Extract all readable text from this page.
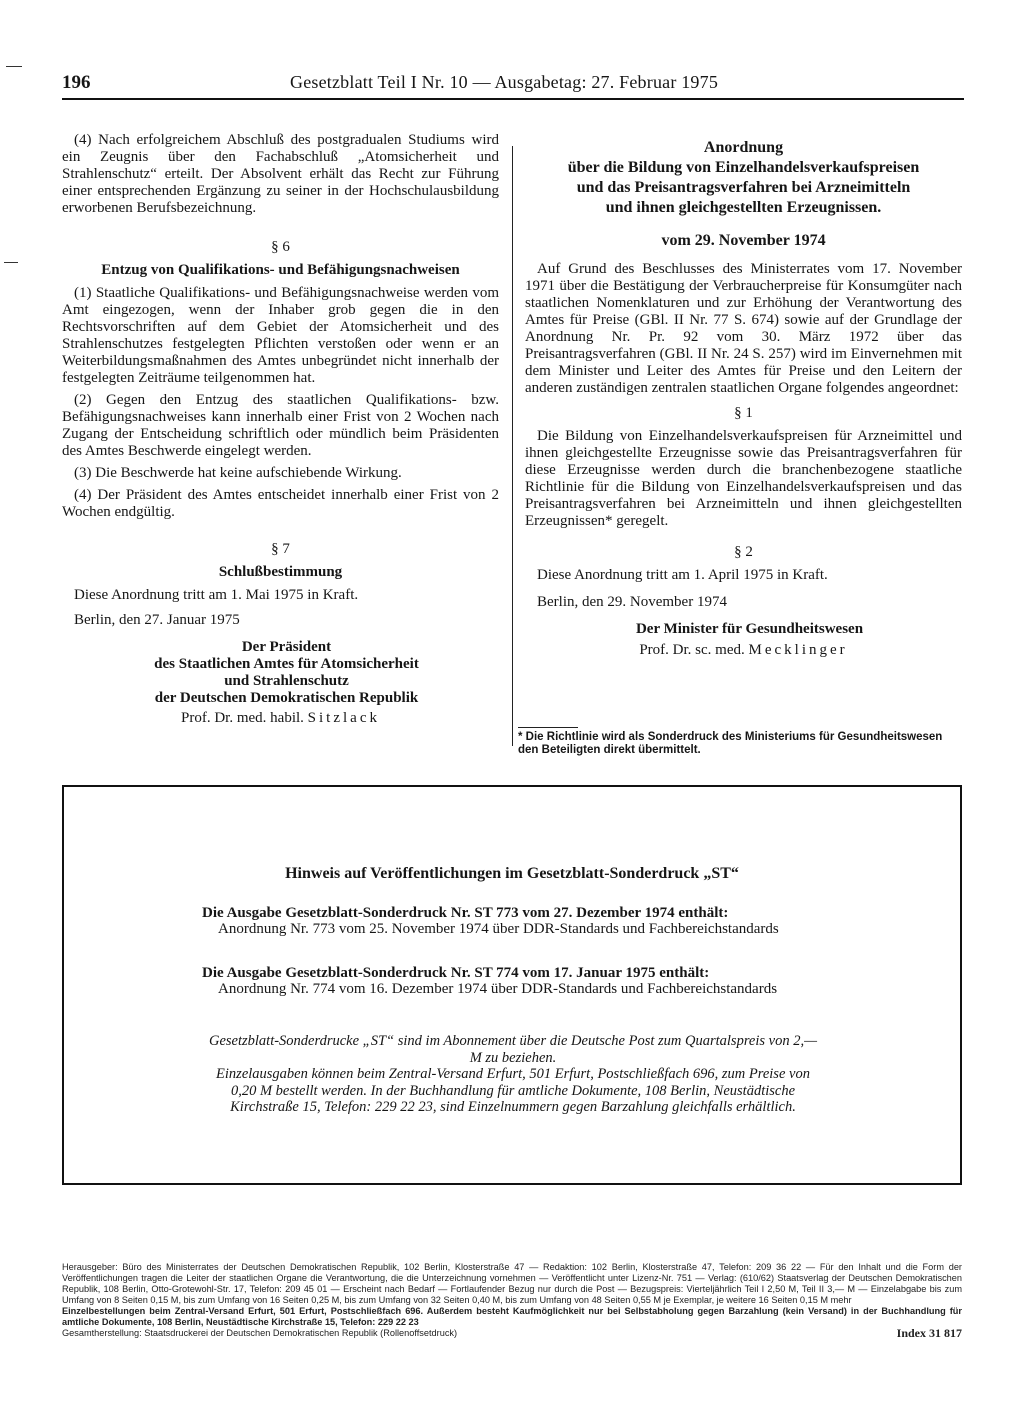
196	Gesetzblatt Teil I Nr. 10 — Ausgabetag: 27. Februar 1975

(4) Nach erfolgreichem Abschluß des postgradualen Studiums wird ein Zeugnis über den Fachabschluß „Atomsicherheit und Strahlenschutz“ erteilt. Der Absolvent erhält das Recht zur Führung einer entsprechenden Ergänzung zu seiner in der Hochschulausbildung erworbenen Berufsbezeichnung.

§ 6

Entzug von Qualifikations- und Befähigungsnachweisen

(1) Staatliche Qualifikations- und Befähigungsnachweise werden vom Amt eingezogen, wenn der Inhaber grob gegen die in den Rechtsvorschriften auf dem Gebiet der Atomsicherheit und des Strahlenschutzes festgelegten Pflichten verstoßen oder wenn er an Weiterbildungsmaßnahmen des Amtes unbegründet nicht innerhalb der festgelegten Zeiträume teilgenommen hat.

(2) Gegen den Entzug des staatlichen Qualifikations- bzw. Befähigungsnachweises kann innerhalb einer Frist von 2 Wochen nach Zugang der Entscheidung schriftlich oder mündlich beim Präsidenten des Amtes Beschwerde eingelegt werden.

(3) Die Beschwerde hat keine aufschiebende Wirkung.

(4) Der Präsident des Amtes entscheidet innerhalb einer Frist von 2 Wochen endgültig.

§ 7

Schlußbestimmung

Diese Anordnung tritt am 1. Mai 1975 in Kraft.

Berlin, den 27. Januar 1975

Der Präsident

des Staatlichen Amtes für Atomsicherheit

und Strahlenschutz

der Deutschen Demokratischen Republik

Prof. Dr. med. habil. Sitzlack

Anordnung
über die Bildung von Einzelhandelsverkaufspreisen
und das Preisantragsverfahren bei Arzneimitteln
und ihnen gleichgestellten Erzeugnissen.
vom 29. November 1974

Auf Grund des Beschlusses des Ministerrates vom 17. November 1971 über die Bestätigung der Verbraucherpreise für Konsumgüter nach staatlichen Nomenklaturen und zur Erhöhung der Verantwortung des Amtes für Preise (GBl. II Nr. 77 S. 674) sowie auf der Grundlage der Anordnung Nr. Pr. 92 vom 30. März 1972 über das Preisantragsverfahren (GBl. II Nr. 24 S. 257) wird im Einvernehmen mit dem Minister und Leiter des Amtes für Preise und den Leitern der anderen zuständigen zentralen staatlichen Organe folgendes angeordnet:

§ 1

Die Bildung von Einzelhandelsverkaufspreisen für Arzneimittel und ihnen gleichgestellte Erzeugnisse sowie das Preisantragsverfahren für diese Erzeugnisse werden durch die branchenbezogene staatliche Richtlinie für die Bildung von Einzelhandelsverkaufspreisen und das Preisantragsverfahren bei Arzneimitteln und ihnen gleichgestellten Erzeugnissen* geregelt.

§ 2

Diese Anordnung tritt am 1. April 1975 in Kraft.

Berlin, den 29. November 1974

Der Minister für Gesundheitswesen

Prof. Dr. sc. med. Mecklinger

* Die Richtlinie wird als Sonderdruck des Ministeriums für Gesundheitswesen den Beteiligten direkt übermittelt.
Hinweis auf Veröffentlichungen im Gesetzblatt-Sonderdruck „ST“
Die Ausgabe Gesetzblatt-Sonderdruck Nr. ST 773 vom 27. Dezember 1974 enthält:
Anordnung Nr. 773 vom 25. November 1974 über DDR-Standards und Fachbereichstandards
Die Ausgabe Gesetzblatt-Sonderdruck Nr. ST 774 vom 17. Januar 1975 enthält:
Anordnung Nr. 774 vom 16. Dezember 1974 über DDR-Standards und Fachbereichstandards
Gesetzblatt-Sonderdrucke „ST“ sind im Abonnement über die Deutsche Post zum Quartalspreis von 2,— M zu beziehen.
Einzelausgaben können beim Zentral-Versand Erfurt, 501 Erfurt, Postschließfach 696, zum Preise von 0,20 M bestellt werden. In der Buchhandlung für amtliche Dokumente, 108 Berlin, Neustädtische Kirchstraße 15, Telefon: 229 22 23, sind Einzelnummern gegen Barzahlung gleichfalls erhältlich.
Herausgeber: Büro des Ministerrates der Deutschen Demokratischen Republik, 102 Berlin, Klosterstraße 47 — Redaktion: 102 Berlin, Klosterstraße 47, Telefon: 209 36 22 — Für den Inhalt und die Form der Veröffentlichungen tragen die Leiter der staatlichen Organe die Verantwortung, die die Unterzeichnung vornehmen — Veröffentlicht unter Lizenz-Nr. 751 — Verlag: (610/62) Staatsverlag der Deutschen Demokratischen Republik, 108 Berlin, Otto-Grotewohl-Str. 17, Telefon: 209 45 01 — Erscheint nach Bedarf — Fortlaufender Bezug nur durch die Post — Bezugspreis: Vierteljährlich Teil I 2,50 M, Teil II 3,— M — Einzelabgabe bis zum Umfang von 8 Seiten 0,15 M, bis zum Umfang von 16 Seiten 0,25 M, bis zum Umfang von 32 Seiten 0,40 M, bis zum Umfang von 48 Seiten 0,55 M je Exemplar, je weitere 16 Seiten 0,15 M mehr
Einzelbestellungen beim Zentral-Versand Erfurt, 501 Erfurt, Postschließfach 696. Außerdem besteht Kaufmöglichkeit nur bei Selbstabholung gegen Barzahlung (kein Versand) in der Buchhandlung für amtliche Dokumente, 108 Berlin, Neustädtische Kirchstraße 15, Telefon: 229 22 23
Gesamtherstellung: Staatsdruckerei der Deutschen Demokratischen Republik (Rollenoffsetdruck)	Index 31 817
